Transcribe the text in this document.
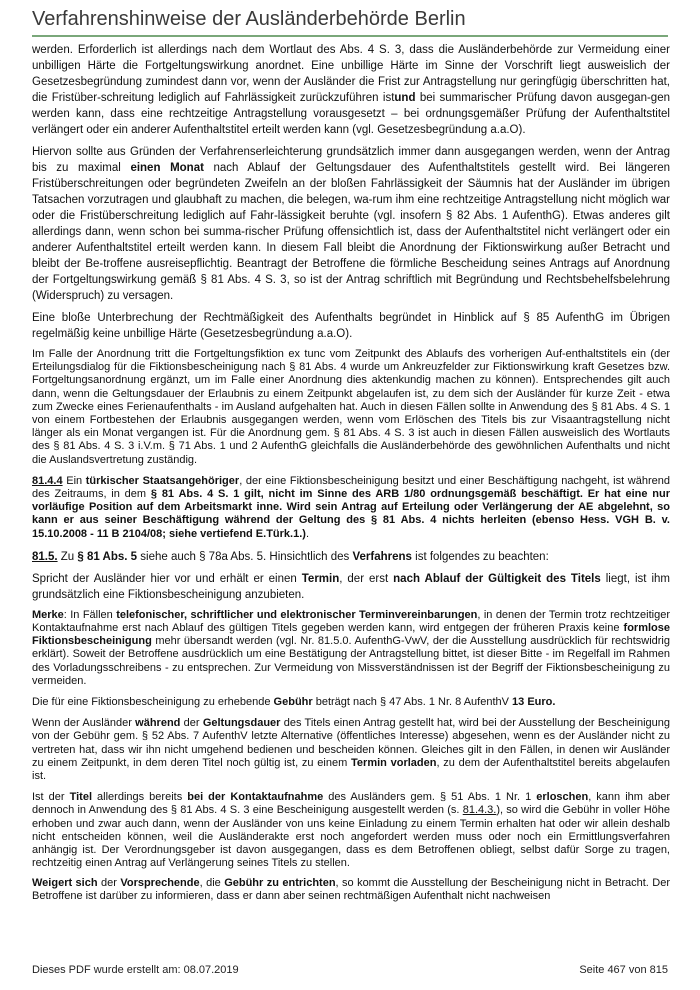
Verfahrenshinweise der Ausländerbehörde Berlin

werden. Erforderlich ist allerdings nach dem Wortlaut des Abs. 4 S. 3, dass die Ausländerbehörde zur Vermeidung einer unbilligen Härte die Fortgeltungswirkung anordnet. Eine unbillige Härte im Sinne der Vorschrift liegt ausweislich der Gesetzesbegründung zumindest dann vor, wenn der Ausländer die Frist zur Antragstellung nur geringfügig überschritten hat, die Fristüber-schreitung lediglich auf Fahrlässigkeit zurückzuführen istund bei summarischer Prüfung davon ausgegan-gen werden kann, dass eine rechtzeitige Antragstellung vorausgesetzt – bei ordnungsgemäßer Prüfung der Aufenthaltstitel verlängert oder ein anderer Aufenthaltstitel erteilt werden kann (vgl. Gesetzesbegründung a.a.O).

Hiervon sollte aus Gründen der Verfahrenserleichterung grundsätzlich immer dann ausgegangen werden, wenn der Antrag bis zu maximal einen Monat nach Ablauf der Geltungsdauer des Aufenthaltstitels gestellt wird. Bei längeren Fristüberschreitungen oder begründeten Zweifeln an der bloßen Fahrlässigkeit der Säumnis hat der Ausländer im übrigen Tatsachen vorzutragen und glaubhaft zu machen, die belegen, wa-rum ihm eine rechtzeitige Antragstellung nicht möglich war oder die Fristüberschreitung lediglich auf Fahr-lässigkeit beruhte (vgl. insofern § 82 Abs. 1 AufenthG). Etwas anderes gilt allerdings dann, wenn schon bei summa-rischer Prüfung offensichtlich ist, dass der Aufenthaltstitel nicht verlängert oder ein anderer Aufenthaltstitel erteilt werden kann. In diesem Fall bleibt die Anordnung der Fiktionswirkung außer Betracht und bleibt der Be-troffene ausreisepflichtig. Beantragt der Betroffene die förmliche Bescheidung seines Antrags auf Anordnung der Fortgeltungswirkung gemäß § 81 Abs. 4 S. 3, so ist der Antrag schriftlich mit Begründung und Rechtsbehelfsbelehrung (Widerspruch) zu versagen.

Eine bloße Unterbrechung der Rechtmäßigkeit des Aufenthalts begründet in Hinblick auf § 85 AufenthG im Übrigen regelmäßig keine unbillige Härte (Gesetzesbegründung a.a.O).

Im Falle der Anordnung tritt die Fortgeltungsfiktion ex tunc vom Zeitpunkt des Ablaufs des vorherigen Auf-enthaltstitels ein (der Erteilungsdialog für die Fiktionsbescheinigung nach § 81 Abs. 4 wurde um Ankreuzfelder zur Fiktionswirkung kraft Gesetzes bzw. Fortgeltungsanordnung ergänzt, um im Falle einer Anordnung dies aktenkundig machen zu können). Entsprechendes gilt auch dann, wenn die Geltungsdauer der Erlaubnis zu einem Zeitpunkt abgelaufen ist, zu dem sich der Ausländer für kurze Zeit - etwa zum Zwecke eines Ferienaufenthalts - im Ausland aufgehalten hat. Auch in diesen Fällen sollte in Anwendung des § 81 Abs. 4 S. 1 von einem Fortbestehen der Erlaubnis ausgegangen werden, wenn vom Erlöschen des Titels bis zur Visaantragstellung nicht länger als ein Monat vergangen ist. Für die Anordnung gem. § 81 Abs. 4 S. 3 ist auch in diesen Fällen ausweislich des Wortlauts des § 81 Abs. 4 S. 3 i.V.m. § 71 Abs. 1 und 2 AufenthG gleichfalls die Ausländerbehörde des gewöhnlichen Aufenthalts und nicht die Auslandsvertretung zuständig.

81.4.4 Ein türkischer Staatsangehöriger, der eine Fiktionsbescheinigung besitzt und einer Beschäftigung nachgeht, ist während des Zeitraums, in dem § 81 Abs. 4 S. 1 gilt, nicht im Sinne des ARB 1/80 ordnungsgemäß beschäftigt. Er hat eine nur vorläufige Position auf dem Arbeitsmarkt inne. Wird sein Antrag auf Erteilung oder Verlängerung der AE abgelehnt, so kann er aus seiner Beschäftigung während der Geltung des § 81 Abs. 4 nichts herleiten (ebenso Hess. VGH B. v. 15.10.2008 - 11 B 2104/08; siehe vertiefend E.Türk.1.).

81.5. Zu § 81 Abs. 5 siehe auch § 78a Abs. 5. Hinsichtlich des Verfahrens ist folgendes zu beachten:

Spricht der Ausländer hier vor und erhält er einen Termin, der erst nach Ablauf der Gültigkeit des Titels liegt, ist ihm grundsätzlich eine Fiktionsbescheinigung anzubieten.

Merke: In Fällen telefonischer, schriftlicher und elektronischer Terminvereinbarungen, in denen der Termin trotz rechtzeitiger Kontaktaufnahme erst nach Ablauf des gültigen Titels gegeben werden kann, wird entgegen der früheren Praxis keine formlose Fiktionsbescheinigung mehr übersandt werden (vgl. Nr. 81.5.0. AufenthG-VwV, der die Ausstellung ausdrücklich für rechtswidrig erklärt). Soweit der Betroffene ausdrücklich um eine Bestätigung der Antragstellung bittet, ist dieser Bitte - im Regelfall im Rahmen des Vorladungsschreibens - zu entsprechen. Zur Vermeidung von Missverständnissen ist der Begriff der Fiktionsbescheinigung zu vermeiden.

Die für eine Fiktionsbescheinigung zu erhebende Gebühr beträgt nach § 47 Abs. 1 Nr. 8 AufenthV 13 Euro.

Wenn der Ausländer während der Geltungsdauer des Titels einen Antrag gestellt hat, wird bei der Ausstellung der Bescheinigung von der Gebühr gem. § 52 Abs. 7 AufenthV letzte Alternative (öffentliches Interesse) abgesehen, wenn es der Ausländer nicht zu vertreten hat, dass wir ihn nicht umgehend bedienen und bescheiden können. Gleiches gilt in den Fällen, in denen wir Ausländer zu einem Zeitpunkt, in dem deren Titel noch gültig ist, zu einem Termin vorladen, zu dem der Aufenthaltstitel bereits abgelaufen ist.

Ist der Titel allerdings bereits bei der Kontaktaufnahme des Ausländers gem. § 51 Abs. 1 Nr. 1 erloschen, kann ihm aber dennoch in Anwendung des § 81 Abs. 4 S. 3 eine Bescheinigung ausgestellt werden (s. 81.4.3.), so wird die Gebühr in voller Höhe erhoben und zwar auch dann, wenn der Ausländer von uns keine Einladung zu einem Termin erhalten hat oder wir allein deshalb nicht entscheiden können, weil die Ausländerakte erst noch angefordert werden muss oder noch ein Ermittlungsverfahren anhängig ist. Der Verordnungsgeber ist davon ausgegangen, dass es dem Betroffenen obliegt, selbst dafür Sorge zu tragen, rechtzeitig einen Antrag auf Verlängerung seines Titels zu stellen.

Weigert sich der Vorsprechende, die Gebühr zu entrichten, so kommt die Ausstellung der Bescheinigung nicht in Betracht. Der Betroffene ist darüber zu informieren, dass er dann aber seinen rechtmäßigen Aufenthalt nicht nachweisen

Dieses PDF wurde erstellt am: 08.07.2019	Seite 467 von 815
